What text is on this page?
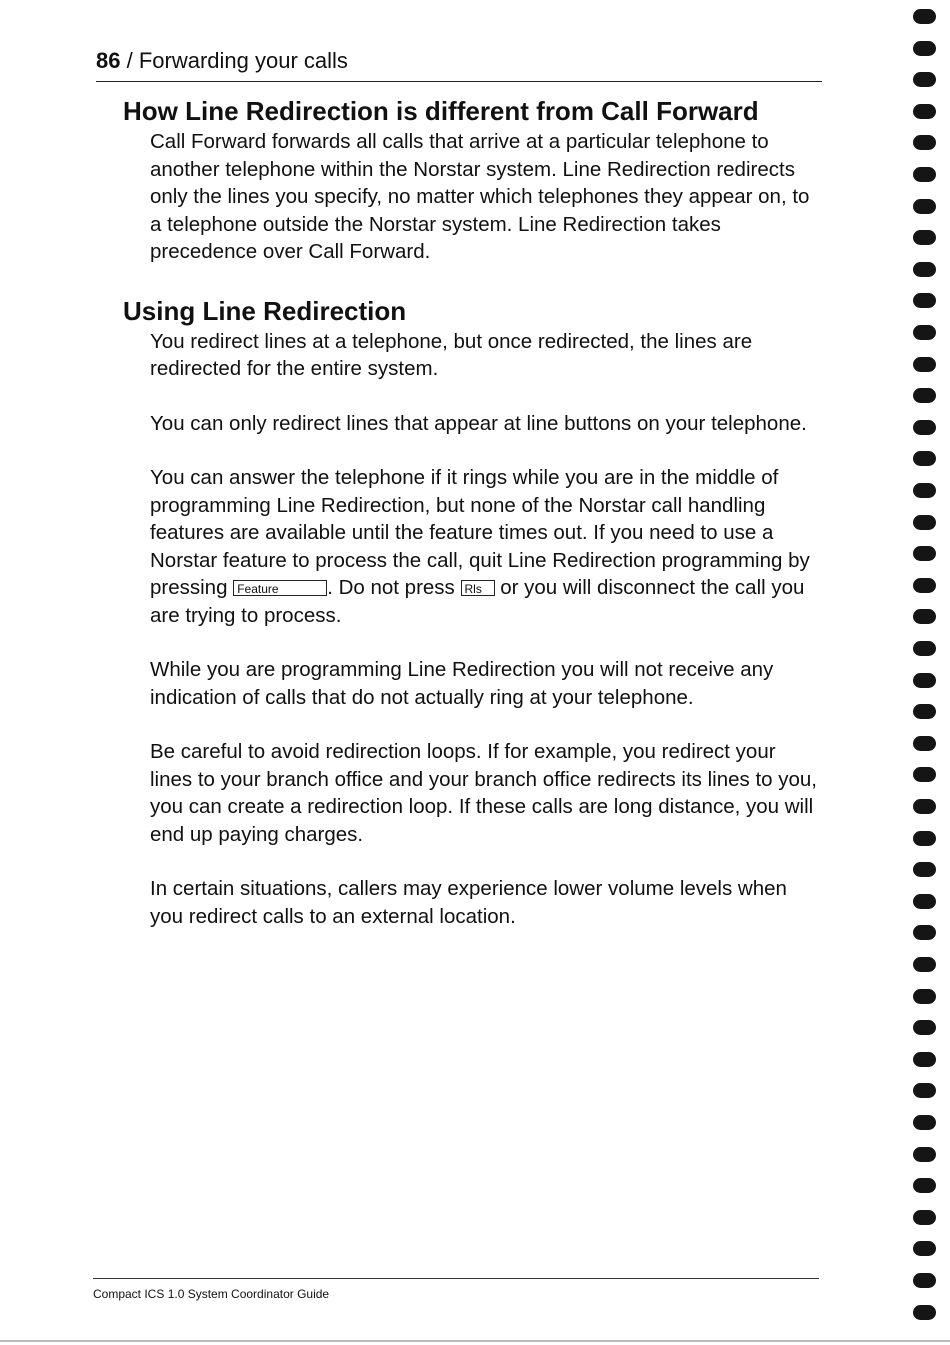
86 / Forwarding your calls
How Line Redirection is different from Call Forward

Call Forward forwards all calls that arrive at a particular telephone to another telephone within the Norstar system. Line Redirection redirects only the lines you specify, no matter which telephones they appear on, to a telephone outside the Norstar system. Line Redirection takes precedence over Call Forward.

Using Line Redirection

You redirect lines at a telephone, but once redirected, the lines are redirected for the entire system.

You can only redirect lines that appear at line buttons on your telephone.

You can answer the telephone if it rings while you are in the middle of programming Line Redirection, but none of the Norstar call handling features are available until the feature times out. If you need to use a Norstar feature to process the call, quit Line Redirection programming by pressing Feature . Do not press Rls or you will disconnect the call you are trying to process.

While you are programming Line Redirection you will not receive any indication of calls that do not actually ring at your telephone.

Be careful to avoid redirection loops. If for example, you redirect your lines to your branch office and your branch office redirects its lines to you, you can create a redirection loop. If these calls are long distance, you will end up paying charges.

In certain situations, callers may experience lower volume levels when you redirect calls to an external location.

Compact ICS 1.0 System Coordinator Guide
